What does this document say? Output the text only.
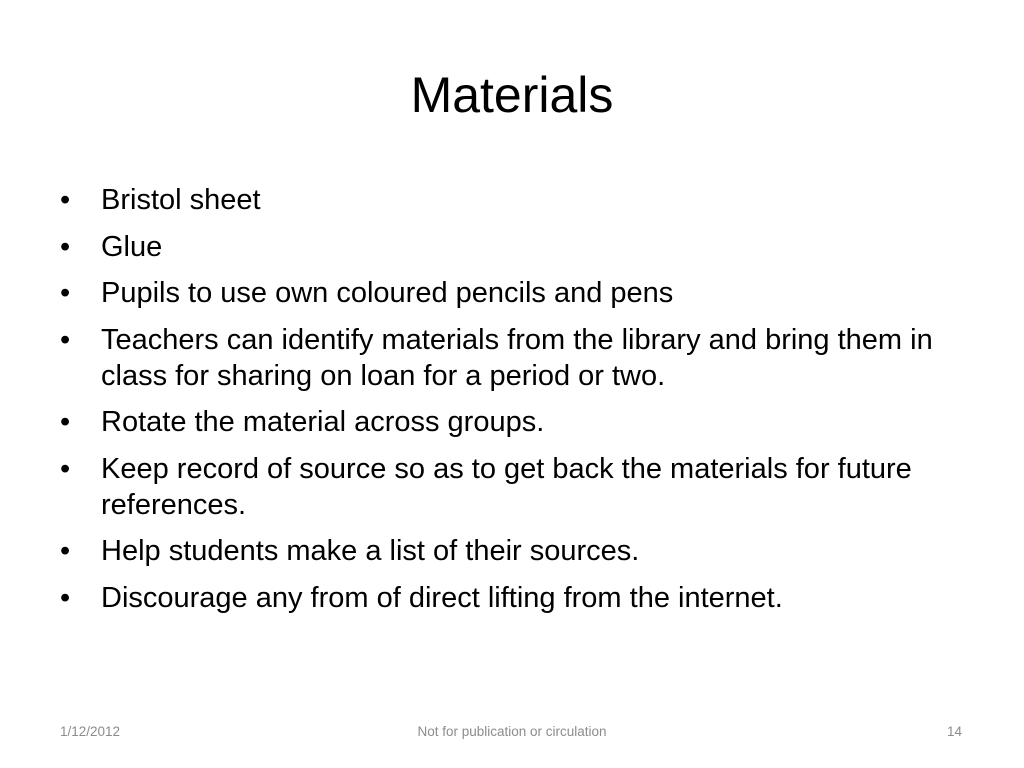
Materials
•	Bristol sheet
•	Glue
•	Pupils to use own coloured pencils and pens
•	Teachers can identify materials from the library and bring them in class for sharing on loan for a period or two.
•	Rotate the material across groups.
•	Keep record of source so as to get back the materials for future references.
•	Help students make a list of their sources.
•	Discourage any from of direct lifting from the internet.
1/12/2012	Not for publication or circulation	14
